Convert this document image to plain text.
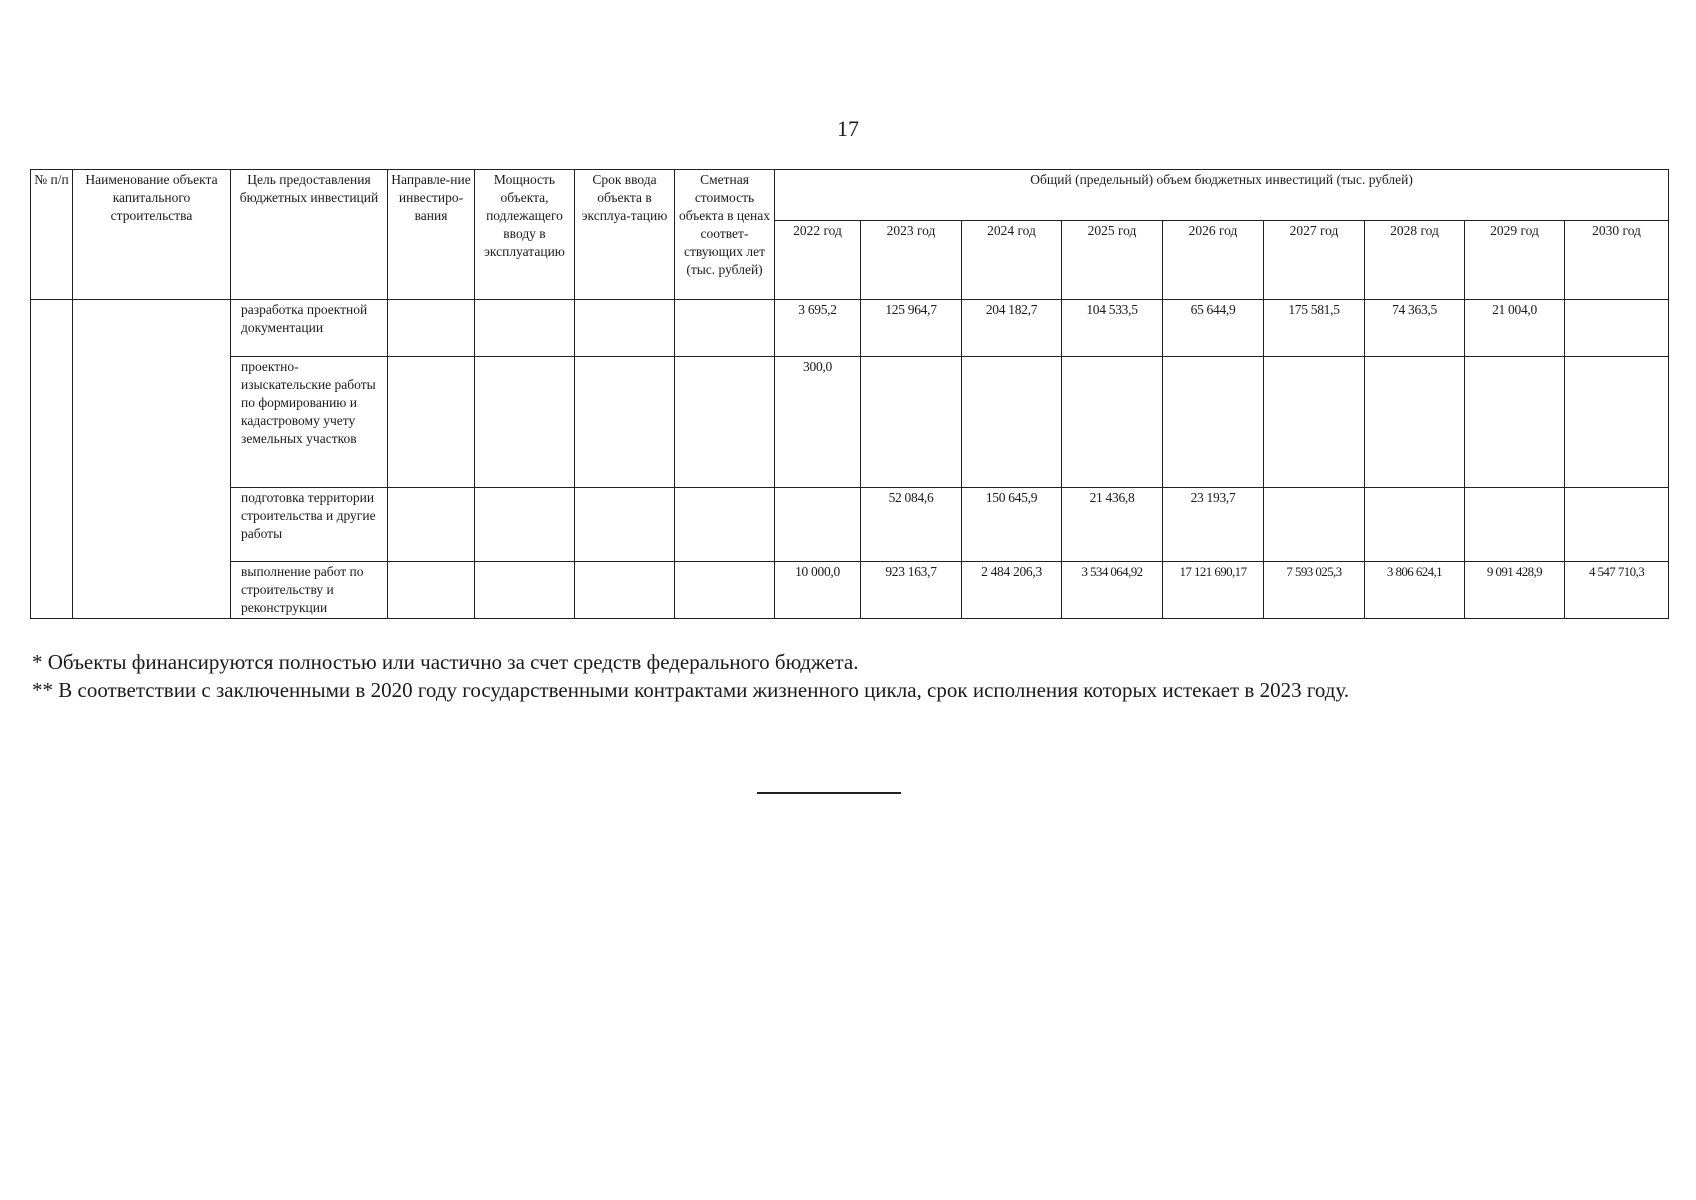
17
№ п/п	Наименование объекта капитального строительства	Цель предоставления бюджетных инвестиций	Направле-ние инвестиро-вания	Мощность объекта, подлежащего вводу в эксплуатацию	Срок ввода объекта в эксплуа-тацию	Сметная стоимость объекта в ценах соответ-ствующих лет (тыс. рублей)	Общий (предельный) объем бюджетных инвестиций (тыс. рублей)								
							2022 год	2023 год	2024 год	2025 год	2026 год	2027 год	2028 год	2029 год	2030 год
		разработка проектной документации					3 695,2	125 964,7	204 182,7	104 533,5	65 644,9	175 581,5	74 363,5	21 004,0	
		проектно-изыскательские работы по формированию и кадастровому учету земельных участков					300,0								
		подготовка территории строительства и другие работы						52 084,6	150 645,9	21 436,8	23 193,7				
		выполнение работ по строительству и реконструкции					10 000,0	923 163,7	2 484 206,3	3 534 064,92	17 121 690,17	7 593 025,3	3 806 624,1	9 091 428,9	4 547 710,3

* Объекты финансируются полностью или частично за счет средств федерального бюджета.

** В соответствии с заключенными в 2020 году государственными контрактами жизненного цикла, срок исполнения которых истекает в 2023 году.
